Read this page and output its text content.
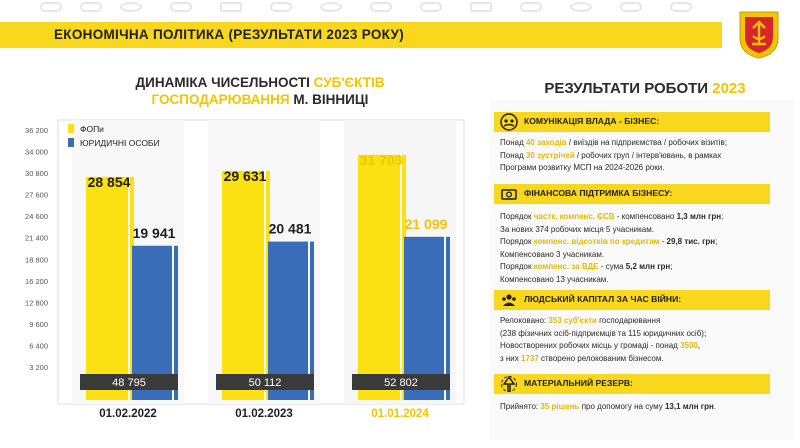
ЕКОНОМІЧНА ПОЛІТИКА (РЕЗУЛЬТАТИ 2023 РОКУ)
ДИНАМІКА ЧИСЕЛЬНОСТІ СУБ'ЄКТІВ ГОСПОДАРЮВАННЯ М. ВІННИЦІ
3 200
6 400
9 600
12 800
16 200
18 800
21 400
24 600
27 600
30 800
34 000
36 200
28 854
19 941
48 795
01.02.2022
29 631
20 481
50 112
01.02.2023
31 703
21 099
52 802
01.01.2024
ФОПи
ЮРИДИЧНІ ОСОБИ
РЕЗУЛЬТАТИ РОБОТИ 2023
КОМУНІКАЦІЯ ВЛАДА - БІЗНЕС:

Понад 40 заходів / виїздів на підприємства / робочих візитів;

Понад 30 зустрічей / робочих груп / інтерв'ювань, в рамках

Програми розвитку МСП на 2024-2026 роки.

ФІНАНСОВА ПІДТРИМКА БІЗНЕСУ:

Порядок частк. компенс. ЄСВ - компенсовано 1,3 млн грн;

За нових 374 робочих місця 5 учасникам.

Порядок компенс. відсотків по кредитам - 29,8 тис. грн;

Компенсовано 3 учасникам.

Порядок компенс. за ВДЕ - сума 5,2 млн грн;

Компенсовано 13 учасникам.

ЛЮДСЬКИЙ КАПІТАЛ ЗА ЧАС ВІЙНИ:

Релоковано: 353 суб'єкти господарювання

(238 фізичних осіб-підприємців та 115 юридичних осіб);

Новостворених робочих місць у громаді - понад 3500,

з них 1737 створено релокованим бізнесом.

МАТЕРІАЛЬНИЙ РЕЗЕРВ:

Прийнято: 35 рішень про допомогу на суму 13,1 млн грн.
